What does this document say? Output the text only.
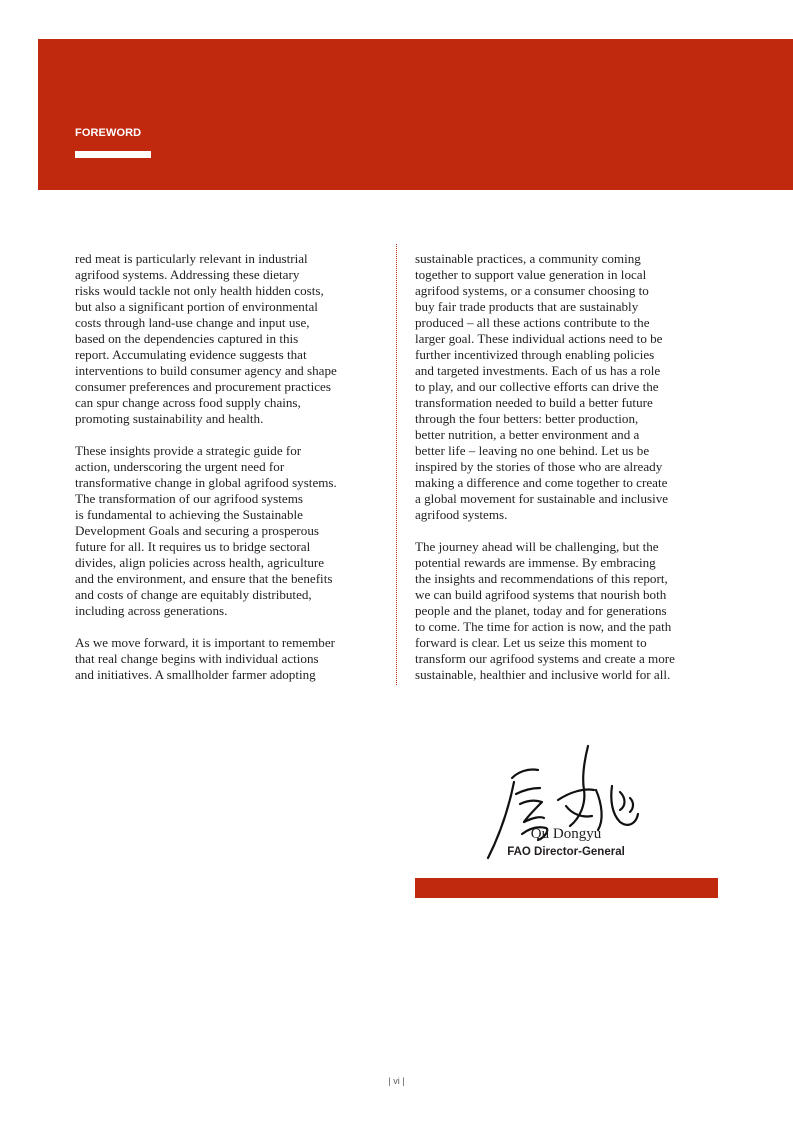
FOREWORD

red meat is particularly relevant in industrial
agrifood systems. Addressing these dietary
risks would tackle not only health hidden costs,
but also a significant portion of environmental
costs through land-use change and input use,
based on the dependencies captured in this
report. Accumulating evidence suggests that
interventions to build consumer agency and shape
consumer preferences and procurement practices
can spur change across food supply chains,
promoting sustainability and health.

These insights provide a strategic guide for
action, underscoring the urgent need for
transformative change in global agrifood systems.
The transformation of our agrifood systems
is fundamental to achieving the Sustainable
Development Goals and securing a prosperous
future for all. It requires us to bridge sectoral
divides, align policies across health, agriculture
and the environment, and ensure that the benefits
and costs of change are equitably distributed,
including across generations.

As we move forward, it is important to remember
that real change begins with individual actions
and initiatives. A smallholder farmer adopting

sustainable practices, a community coming
together to support value generation in local
agrifood systems, or a consumer choosing to
buy fair trade products that are sustainably
produced – all these actions contribute to the
larger goal. These individual actions need to be
further incentivized through enabling policies
and targeted investments. Each of us has a role
to play, and our collective efforts can drive the
transformation needed to build a better future
through the four betters: better production,
better nutrition, a better environment and a
better life – leaving no one behind. Let us be
inspired by the stories of those who are already
making a difference and come together to create
a global movement for sustainable and inclusive
agrifood systems.

The journey ahead will be challenging, but the
potential rewards are immense. By embracing
the insights and recommendations of this report,
we can build agrifood systems that nourish both
people and the planet, today and for generations
to come. The time for action is now, and the path
forward is clear. Let us seize this moment to
transform our agrifood systems and create a more
sustainable, healthier and inclusive world for all.

Qu Dongyu

FAO Director-General

| vi |
